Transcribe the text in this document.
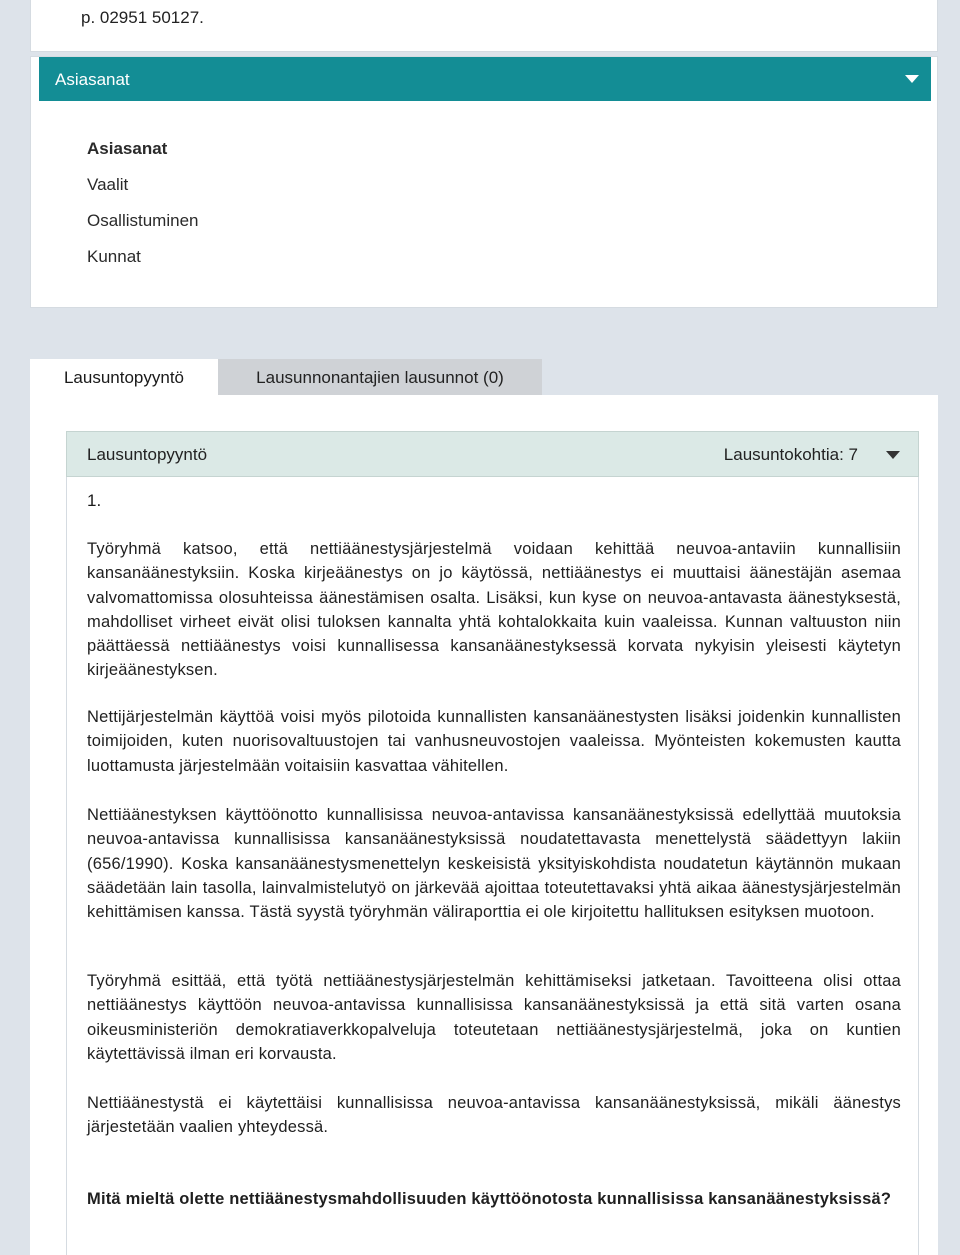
p. 02951 50127.
Asiasanat
Asiasanat
Vaalit
Osallistuminen
Kunnat
Lausuntopyyntö	Lausunnonantajien lausunnot (0)
Lausuntopyyntö	Lausuntokohtia: 7
1.

Työryhmä katsoo, että nettiäänestysjärjestelmä voidaan kehittää neuvoa-antaviin kunnallisiin kansanäänestyksiin. Koska kirjeäänestys on jo käytössä, nettiäänestys ei muuttaisi äänestäjän asemaa valvomattomissa olosuhteissa äänestämisen osalta. Lisäksi, kun kyse on neuvoa-antavasta äänestyksestä, mahdolliset virheet eivät olisi tuloksen kannalta yhtä kohtalokkaita kuin vaaleissa. Kunnan valtuuston niin päättäessä nettiäänestys voisi kunnallisessa kansanäänestyksessä korvata nykyisin yleisesti käytetyn kirjeäänestyksen.

Nettijärjestelmän käyttöä voisi myös pilotoida kunnallisten kansanäänestysten lisäksi joidenkin kunnallisten toimijoiden, kuten nuorisovaltuustojen tai vanhusneuvostojen vaaleissa. Myönteisten kokemusten kautta luottamusta järjestelmään voitaisiin kasvattaa vähitellen.

Nettiäänestyksen käyttöönotto kunnallisissa neuvoa-antavissa kansanäänestyksissä edellyttää muutoksia neuvoa-antavissa kunnallisissa kansanäänestyksissä noudatettavasta menettelystä säädettyyn lakiin (656/1990). Koska kansanäänestysmenettelyn keskeisistä yksityiskohdista noudatetun käytännön mukaan säädetään lain tasolla, lainvalmistelutyö on järkevää ajoittaa toteutettavaksi yhtä aikaa äänestysjärjestelmän kehittämisen kanssa. Tästä syystä työryhmän väliraporttia ei ole kirjoitettu hallituksen esityksen muotoon.

Työryhmä esittää, että työtä nettiäänestysjärjestelmän kehittämiseksi jatketaan. Tavoitteena olisi ottaa nettiäänestys käyttöön neuvoa-antavissa kunnallisissa kansanäänestyksissä ja että sitä varten osana oikeusministeriön demokratiaverkkopalveluja toteutetaan nettiäänestysjärjestelmä, joka on kuntien käytettävissä ilman eri korvausta.

Nettiäänestystä ei käytettäisi kunnallisissa neuvoa-antavissa kansanäänestyksissä, mikäli äänestys järjestetään vaalien yhteydessä.

Mitä mieltä olette nettiäänestysmahdollisuuden käyttöönotosta kunnallisissa kansanäänestyksissä?
